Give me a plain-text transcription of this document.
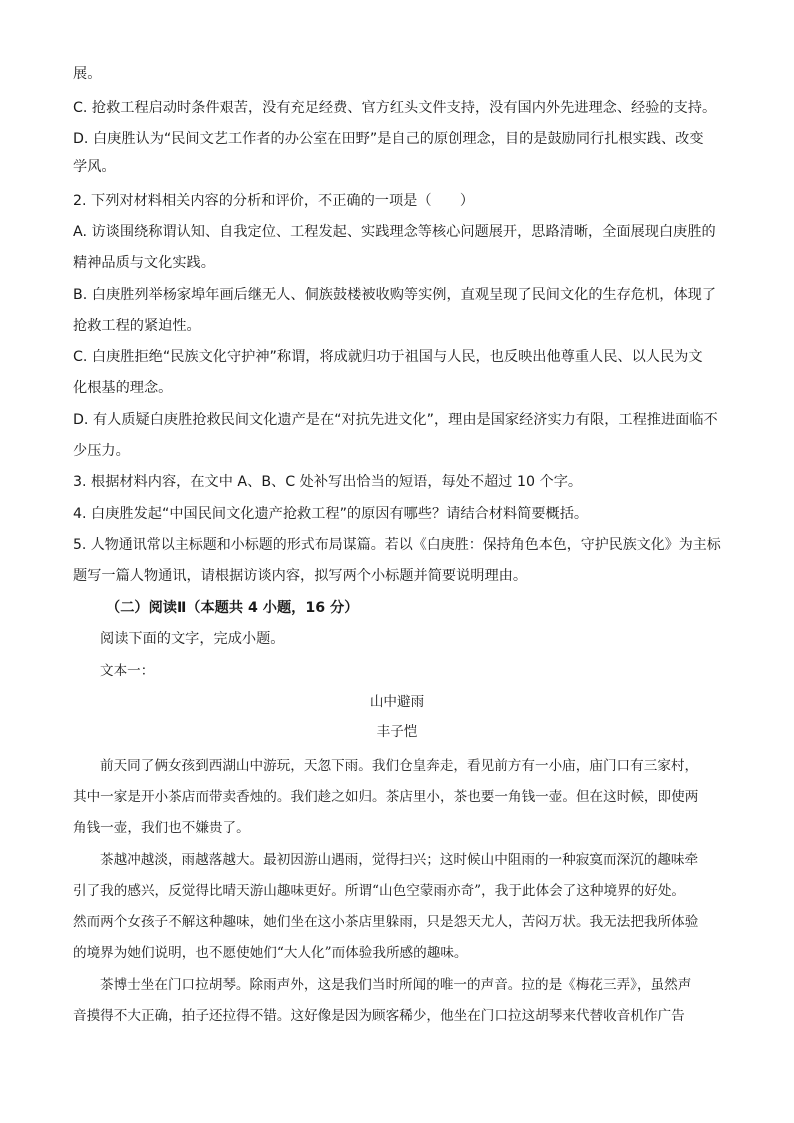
展。

C. 抢救工程启动时条件艰苦，没有充足经费、官方红头文件支持，没有国内外先进理念、经验的支持。

D. 白庚胜认为“民间文艺工作者的办公室在田野”是自己的原创理念，目的是鼓励同行扎根实践、改变

学风。

2. 下列对材料相关内容的分析和评价，不正确的一项是（　　）

A. 访谈围绕称谓认知、自我定位、工程发起、实践理念等核心问题展开，思路清晰，全面展现白庚胜的

精神品质与文化实践。

B. 白庚胜列举杨家埠年画后继无人、侗族鼓楼被收购等实例，直观呈现了民间文化的生存危机，体现了

抢救工程的紧迫性。

C. 白庚胜拒绝“民族文化守护神”称谓，将成就归功于祖国与人民，也反映出他尊重人民、以人民为文

化根基的理念。

D. 有人质疑白庚胜抢救民间文化遗产是在“对抗先进文化”，理由是国家经济实力有限，工程推进面临不

少压力。

3. 根据材料内容，在文中 A、B、C 处补写出恰当的短语，每处不超过 10 个字。

4. 白庚胜发起“中国民间文化遗产抢救工程”的原因有哪些？请结合材料简要概括。

5. 人物通讯常以主标题和小标题的形式布局谋篇。若以《白庚胜：保持角色本色，守护民族文化》为主标

题写一篇人物通讯，请根据访谈内容，拟写两个小标题并简要说明理由。

（二）阅读Ⅱ（本题共 4 小题，16 分）

阅读下面的文字，完成小题。

文本一：

山中避雨

丰子恺

前天同了俩女孩到西湖山中游玩，天忽下雨。我们仓皇奔走，看见前方有一小庙，庙门口有三家村，

其中一家是开小茶店而带卖香烛的。我们趁之如归。茶店里小，茶也要一角钱一壶。但在这时候，即使两

角钱一壶，我们也不嫌贵了。

茶越冲越淡，雨越落越大。最初因游山遇雨，觉得扫兴；这时候山中阻雨的一种寂寞而深沉的趣味牵

引了我的感兴，反觉得比晴天游山趣味更好。所谓“山色空蒙雨亦奇”，我于此体会了这种境界的好处。

然而两个女孩子不解这种趣味，她们坐在这小茶店里躲雨，只是怨天尤人，苦闷万状。我无法把我所体验

的境界为她们说明，也不愿使她们“大人化”而体验我所感的趣味。

茶博士坐在门口拉胡琴。除雨声外，这是我们当时所闻的唯一的声音。拉的是《梅花三弄》，虽然声

音摸得不大正确，拍子还拉得不错。这好像是因为顾客稀少，他坐在门口拉这胡琴来代替收音机作广告
